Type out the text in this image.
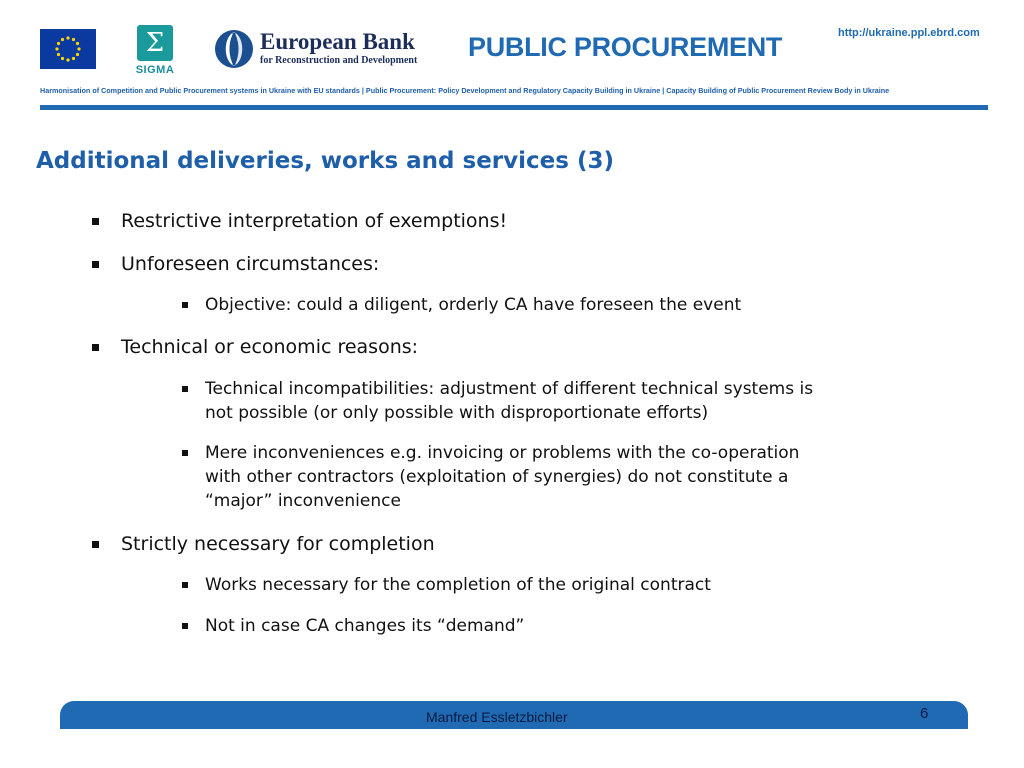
Σ
SIGMA
European Bank
for Reconstruction and Development PUBLIC PROCUREMENT	http://ukraine.ppl.ebrd.com
Harmonisation of Competition and Public Procurement systems in Ukraine with EU standards | Public Procurement: Policy Development and Regulatory Capacity Building in Ukraine | Capacity Building of Public Procurement Review Body in Ukraine
Additional deliveries, works and services (3)
Restrictive interpretation of exemptions!
Unforeseen circumstances:
Objective: could a diligent, orderly CA have foreseen the event
Technical or economic reasons:
Technical incompatibilities: adjustment of different technical systems is
not possible (or only possible with disproportionate efforts)
Mere inconveniences e.g. invoicing or problems with the co-operation
with other contractors (exploitation of synergies) do not constitute a
“major” inconvenience
Strictly necessary for completion
Works necessary for the completion of the original contract
Not in case CA changes its “demand”
Manfred Essletzbichler	6
